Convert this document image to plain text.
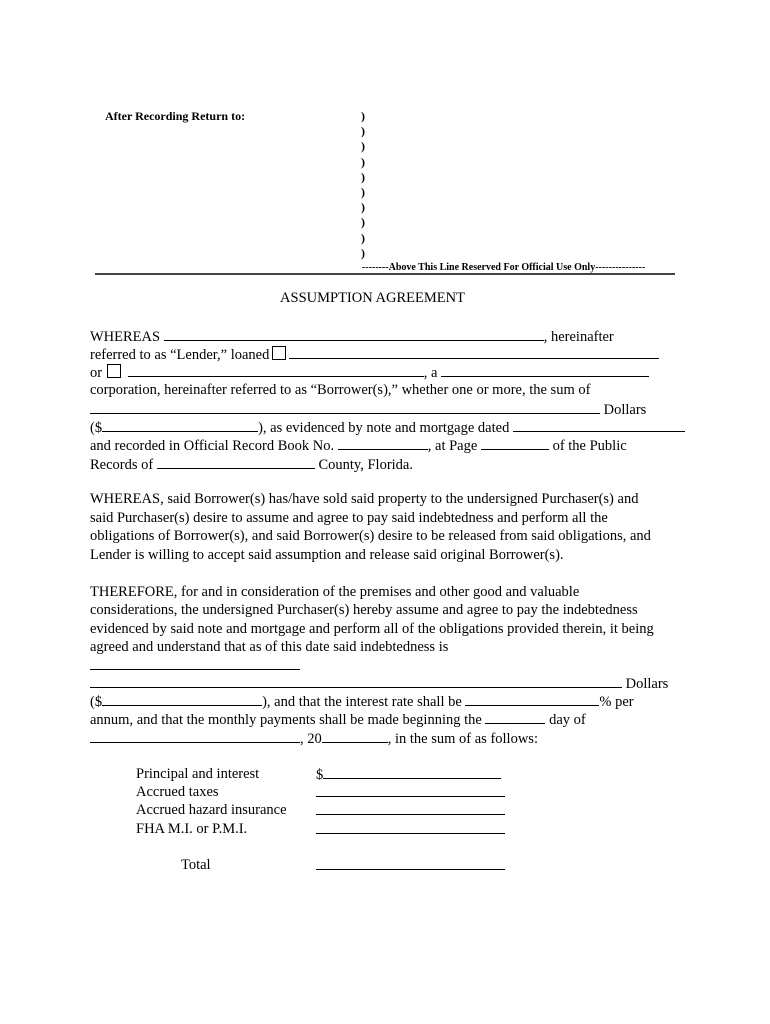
After Recording Return to:	)
)
)
)
)
)
)
)
)
)
--------Above This Line Reserved For Official Use Only---------------
ASSUMPTION AGREEMENT
WHEREAS	, hereinafter
referred to as “Lender,” loaned
or	, a
corporation, hereinafter referred to as “Borrower(s),” whether one or more, the sum of
Dollars
($	), as evidenced by note and mortgage dated
and recorded in Official Record Book No.	, at Page	of the Public
Records of	County, Florida.
WHEREAS, said Borrower(s) has/have sold said property to the undersigned Purchaser(s) and
said Purchaser(s) desire to assume and agree to pay said indebtedness and perform all the
obligations of Borrower(s), and said Borrower(s) desire to be released from said obligations, and
Lender is willing to accept said assumption and release said original Borrower(s).
THEREFORE, for and in consideration of the premises and other good and valuable
considerations, the undersigned Purchaser(s) hereby assume and agree to pay the indebtedness
evidenced by said note and mortgage and perform all of the obligations provided therein, it being
agreed and understand that as of this date said indebtedness is
Dollars
($	), and that the interest rate shall be	% per
annum, and that the monthly payments shall be made beginning the	day of
, 20	, in the sum of as follows:
Principal and interest	$
Accrued taxes
Accrued hazard insurance
FHA M.I. or P.M.I.
Total
